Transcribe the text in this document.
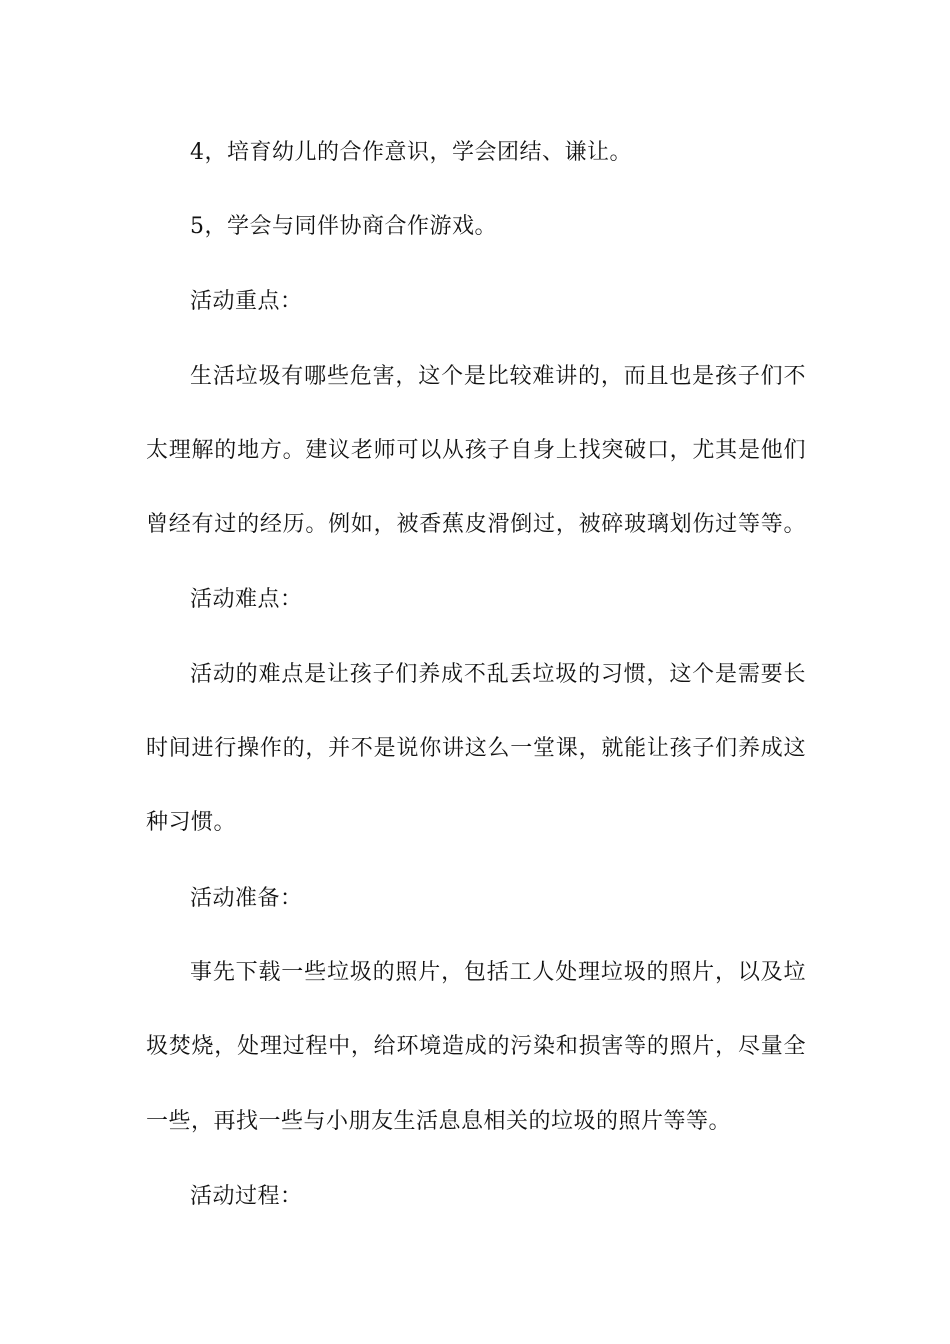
4，培育幼儿的合作意识，学会团结、谦让。
5，学会与同伴协商合作游戏。
活动重点：
生活垃圾有哪些危害，这个是比较难讲的，而且也是孩子们不
太理解的地方。建议老师可以从孩子自身上找突破口，尤其是他们
曾经有过的经历。例如，被香蕉皮滑倒过，被碎玻璃划伤过等等。
活动难点：
活动的难点是让孩子们养成不乱丢垃圾的习惯，这个是需要长
时间进行操作的，并不是说你讲这么一堂课，就能让孩子们养成这
种习惯。
活动准备：
事先下载一些垃圾的照片，包括工人处理垃圾的照片，以及垃
圾焚烧，处理过程中，给环境造成的污染和损害等的照片，尽量全
一些，再找一些与小朋友生活息息相关的垃圾的照片等等。
活动过程：
